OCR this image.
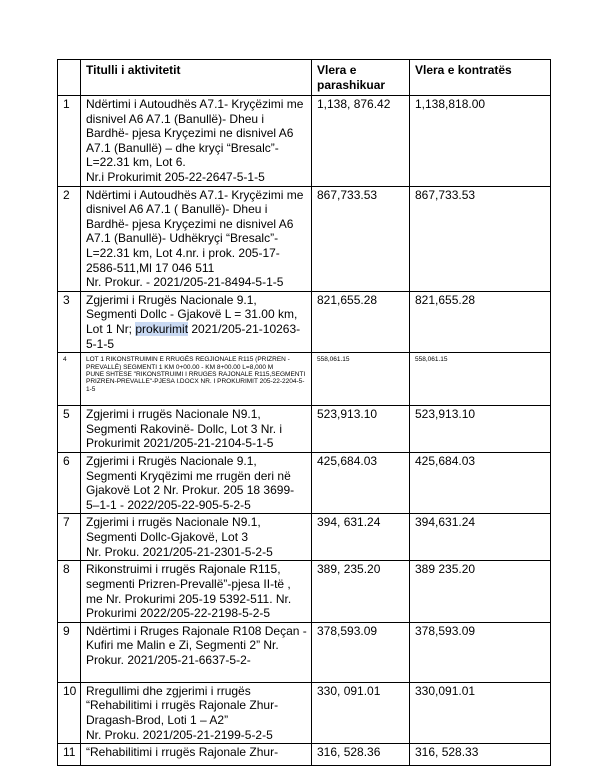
	Titulli i aktivitetit	Vlera e parashikuar	Vlera e kontratës
1	Ndërtimi i Autoudhës A7.1- Kryçëzimi me disnivel A6 A7.1 (Banullë)- Dheu i Bardhë- pjesa Kryçezimi ne disnivel A6 A7.1 (Banullë) – dhe kryçi “Bresalc”- L=22.31 km, Lot 6.
Nr.i Prokurimit 205-22-2647-5-1-5	1,138, 876.42	1,138,818.00
2	Ndërtimi i Autoudhës A7.1- Kryçëzimi me disnivel A6 A7.1 ( Banullë)- Dheu i Bardhë- pjesa Kryçezimi ne disnivel A6 A7.1 (Banullë)- Udhëkryçi “Bresalc”- L=22.31 km, Lot 4.nr. i prok. 205-17-2586-511,Ml 17 046 511
Nr. Prokur. - 2021/205-21-8494-5-1-5	867,733.53	867,733.53
3	Zgjerimi i Rrugës Nacionale 9.1, Segmenti Dollc - Gjakovë L = 31.00 km, Lot 1 Nr; prokurimit 2021/205-21-10263-5-1-5	821,655.28	821,655.28
4	LOT 1 RIKONSTRUIMIN E RRUGËS REGJIONALE R115 (PRIZREN - PREVALLË) SEGMENTI 1 KM 0+00.00 - KM 8+00.00 L=8,000 M
PUNE SHTESE "RIKONSTRUIMI I RRUGES RAJONALE R115,SEGMENTI PRIZREN-PREVALLE"-PJESA I.DOCX NR. I PROKURIMIT 205-22-2204-5-1-5	558,061.15	558,061.15
5	Zgjerimi i rrugës Nacionale N9.1, Segmenti Rakovinë- Dollc, Lot 3 Nr. i Prokurimit 2021/205-21-2104-5-1-5	523,913.10	523,913.10
6	Zgjerimi i Rrugës Nacionale 9.1, Segmenti Kryqëzimi me rrugën deri në Gjakovë Lot 2 Nr. Prokur. 205 18 3699-5–1-1 - 2022/205-22-905-5-2-5	425,684.03	425,684.03
7	Zgjerimi i rrugës Nacionale N9.1, Segmenti Dollc-Gjakovë, Lot 3
Nr. Proku. 2021/205-21-2301-5-2-5	394, 631.24	394,631.24
8	Rikonstruimi i rrugës Rajonale R115, segmenti Prizren-Prevallë”-pjesa II-të , me Nr. Prokurimi 205-19 5392-511. Nr. Prokurimi 2022/205-22-2198-5-2-5	389, 235.20	389 235.20
9	Ndërtimi i Rruges Rajonale R108 Deçan - Kufiri me Malin e Zi, Segmenti 2” Nr. Prokur. 2021/205-21-6637-5-2-	378,593.09	378,593.09
10	Rregullimi dhe zgjerimi i rrugës “Rehabilitimi i rrugës Rajonale Zhur-Dragash-Brod, Loti 1 – A2”
Nr. Proku. 2021/205-21-2199-5-2-5	330, 091.01	330,091.01
11	“Rehabilitimi i rrugës Rajonale Zhur-	316, 528.36	316, 528.33
